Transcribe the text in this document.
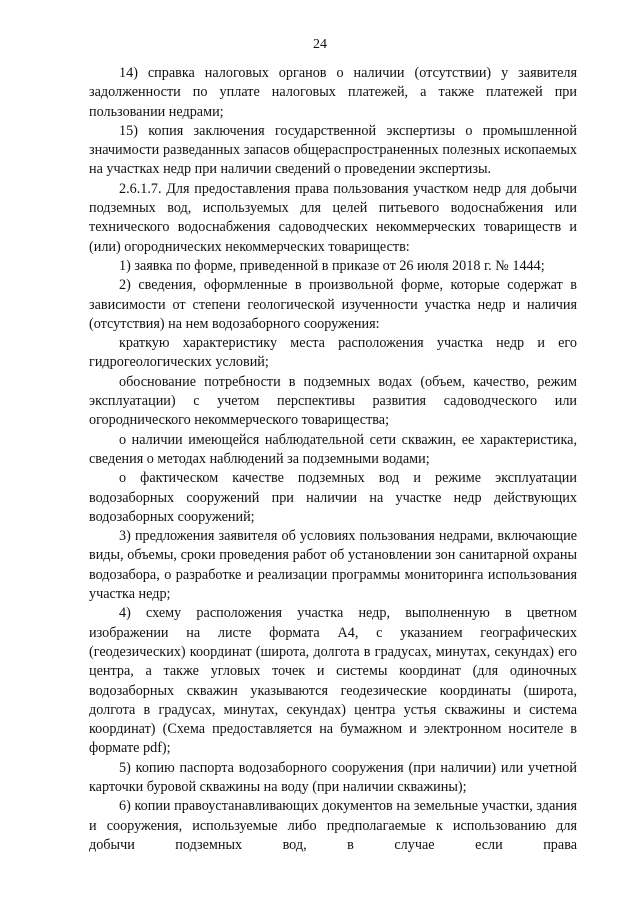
24

14) справка налоговых органов о наличии (отсутствии) у заявителя задолженности по уплате налоговых платежей, а также платежей при пользовании недрами;

15) копия заключения государственной экспертизы о промышленной значимости разведанных запасов общераспространенных полезных ископаемых на участках недр при наличии сведений о проведении экспертизы.

2.6.1.7. Для предоставления права пользования участком недр для добычи подземных вод, используемых для целей питьевого водоснабжения или технического водоснабжения садоводческих некоммерческих товариществ и (или) огороднических некоммерческих товариществ:

1) заявка по форме, приведенной в приказе от 26 июля 2018 г. № 1444;

2) сведения, оформленные в произвольной форме, которые содержат в зависимости от степени геологической изученности участка недр и наличия (отсутствия) на нем водозаборного сооружения:

краткую характеристику места расположения участка недр и его гидрогеологических условий;

обоснование потребности в подземных водах (объем, качество, режим эксплуатации) с учетом перспективы развития садоводческого или огороднического некоммерческого товарищества;

о наличии имеющейся наблюдательной сети скважин, ее характеристика, сведения о методах наблюдений за подземными водами;

о фактическом качестве подземных вод и режиме эксплуатации водозаборных сооружений при наличии на участке недр действующих водозаборных сооружений;

3) предложения заявителя об условиях пользования недрами, включающие виды, объемы, сроки проведения работ об установлении зон санитарной охраны водозабора, о разработке и реализации программы мониторинга использования участка недр;

4) схему расположения участка недр, выполненную в цветном изображении на листе формата А4, с указанием географических (геодезических) координат (широта, долгота в градусах, минутах, секундах) его центра, а также угловых точек и системы координат (для одиночных водозаборных скважин указываются геодезические координаты (широта, долгота в градусах, минутах, секундах) центра устья скважины и система координат) (Схема предоставляется на бумажном и электронном носителе в формате pdf);

5) копию паспорта водозаборного сооружения (при наличии) или учетной карточки буровой скважины на воду (при наличии скважины);

6) копии правоустанавливающих документов на земельные участки, здания и сооружения, используемые либо предполагаемые к использованию для добычи подземных вод, в случае если права
